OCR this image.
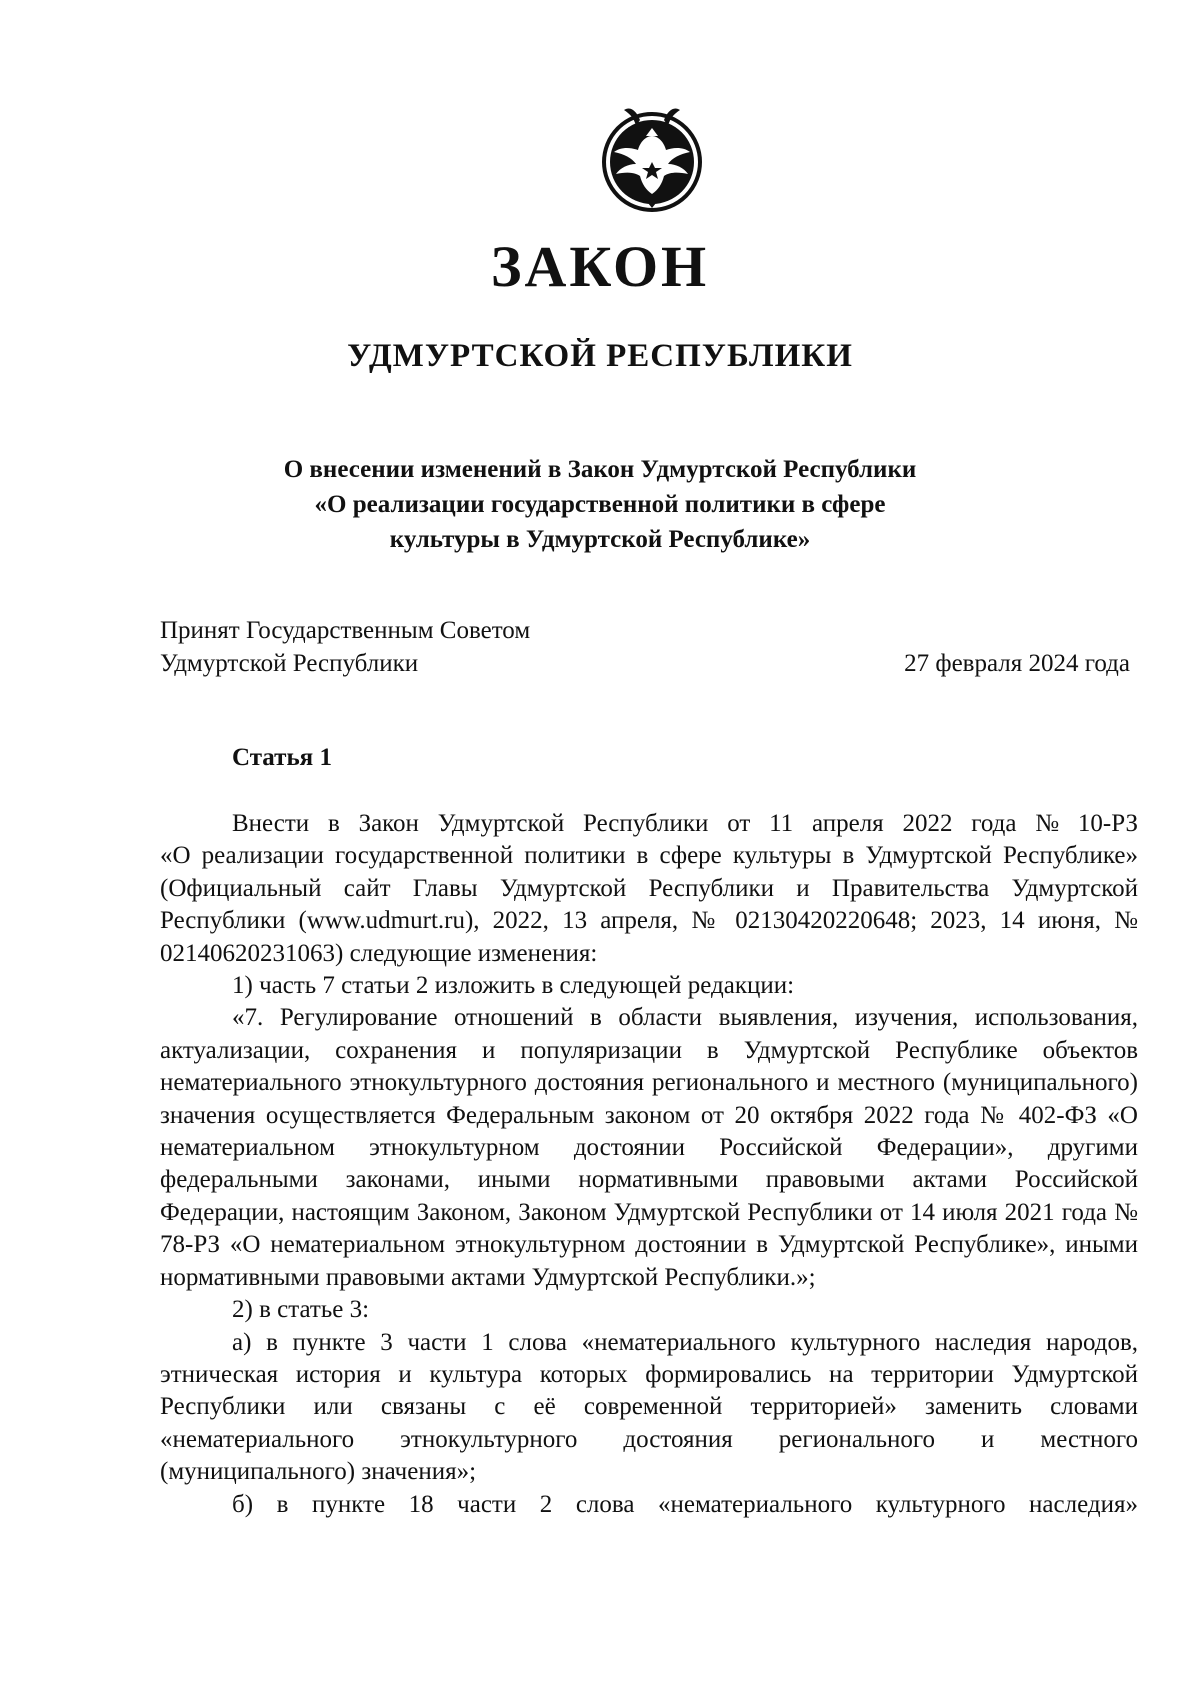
ЗАКОН
УДМУРТСКОЙ РЕСПУБЛИКИ
О внесении изменений в Закон Удмуртской Республики
«О реализации государственной политики в сфере
культуры в Удмуртской Республике»
Принят Государственным Советом
Удмуртской Республики	27 февраля 2024 года
Статья 1

Внести в Закон Удмуртской Республики от 11 апреля 2022 года № 10-РЗ
«О реализации государственной политики в сфере культуры в Удмуртской Республике» (Официальный сайт Главы Удмуртской Республики и Правительства Удмуртской Республики (www.udmurt.ru), 2022, 13 апреля, № 02130420220648; 2023, 14 июня, № 02140620231063) следующие изменения:

1) часть 7 статьи 2 изложить в следующей редакции:

«7. Регулирование отношений в области выявления, изучения, использования, актуализации, сохранения и популяризации в Удмуртской Республике объектов нематериального этнокультурного достояния регионального и местного (муниципального) значения осуществляется Федеральным законом от 20 октября 2022 года № 402-ФЗ «О нематериальном этнокультурном достоянии Российской Федерации», другими федеральными законами, иными нормативными правовыми актами Российской Федерации, настоящим Законом, Законом Удмуртской Республики от 14 июля 2021 года № 78-РЗ «О нематериальном этнокультурном достоянии в Удмуртской Республике», иными нормативными правовыми актами Удмуртской Республики.»;

2) в статье 3:

а) в пункте 3 части 1 слова «нематериального культурного наследия народов, этническая история и культура которых формировались на территории Удмуртской Республики или связаны с её современной территорией» заменить словами «нематериального этнокультурного достояния регионального и местного (муниципального) значения»;

б) в пункте 18 части 2 слова «нематериального культурного наследия»
